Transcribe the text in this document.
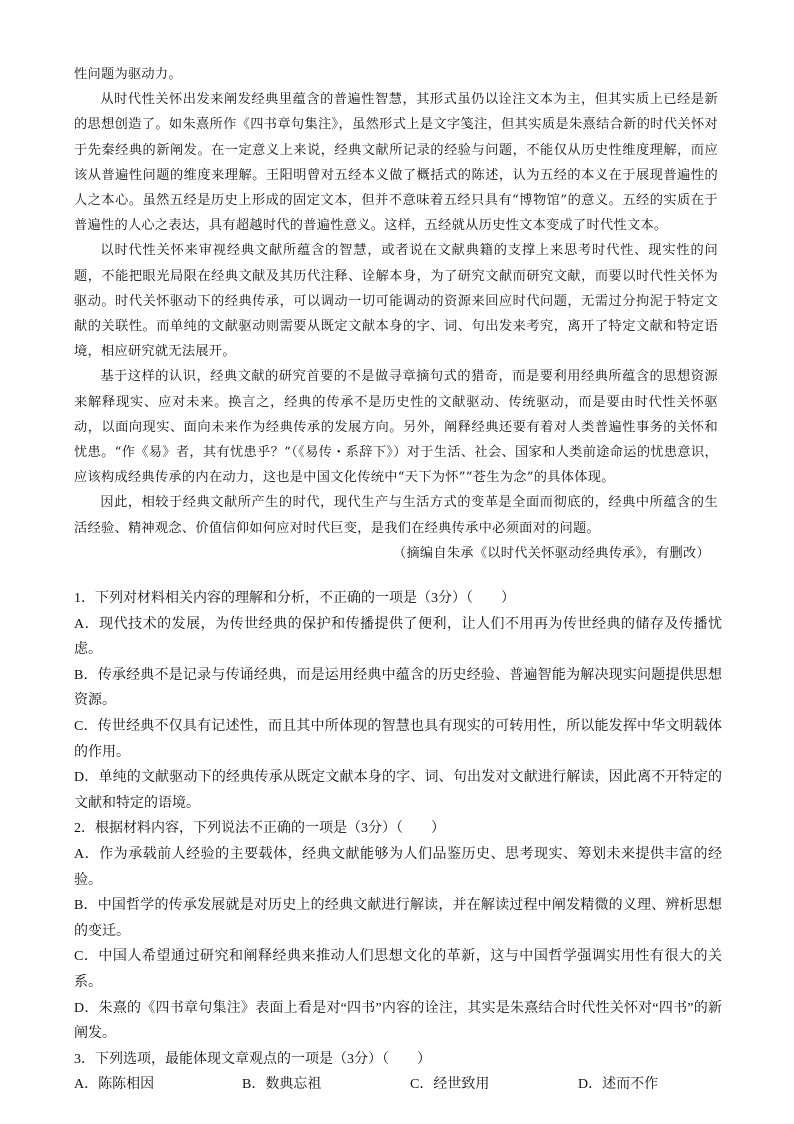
性问题为驱动力。

从时代性关怀出发来阐发经典里蕴含的普遍性智慧，其形式虽仍以诠注文本为主，但其实质上已经是新的思想创造了。如朱熹所作《四书章句集注》，虽然形式上是文字笺注，但其实质是朱熹结合新的时代关怀对于先秦经典的新阐发。在一定意义上来说，经典文献所记录的经验与问题，不能仅从历史性维度理解，而应该从普遍性问题的维度来理解。王阳明曾对五经本义做了概括式的陈述，认为五经的本义在于展现普遍性的人之本心。虽然五经是历史上形成的固定文本，但并不意味着五经只具有“博物馆”的意义。五经的实质在于普遍性的人心之表达，具有超越时代的普遍性意义。这样，五经就从历史性文本变成了时代性文本。

以时代性关怀来审视经典文献所蕴含的智慧，或者说在文献典籍的支撑上来思考时代性、现实性的问题，不能把眼光局限在经典文献及其历代注释、诠解本身，为了研究文献而研究文献，而要以时代性关怀为驱动。时代关怀驱动下的经典传承，可以调动一切可能调动的资源来回应时代问题，无需过分拘泥于特定文献的关联性。而单纯的文献驱动则需要从既定文献本身的字、词、句出发来考究，离开了特定文献和特定语境，相应研究就无法展开。

基于这样的认识，经典文献的研究首要的不是做寻章摘句式的猎奇，而是要利用经典所蕴含的思想资源来解释现实、应对未来。换言之，经典的传承不是历史性的文献驱动、传统驱动，而是要由时代性关怀驱动，以面向现实、面向未来作为经典传承的发展方向。另外，阐释经典还要有着对人类普遍性事务的关怀和忧患。“作《易》者，其有忧患乎？”（《易传・系辞下》）对于生活、社会、国家和人类前途命运的忧患意识，应该构成经典传承的内在动力，这也是中国文化传统中“天下为怀”“苍生为念”的具体体现。

因此，相较于经典文献所产生的时代，现代生产与生活方式的变革是全面而彻底的，经典中所蕴含的生活经验、精神观念、价值信仰如何应对时代巨变，是我们在经典传承中必须面对的问题。

（摘编自朱承《以时代关怀驱动经典传承》，有删改）

1．下列对材料相关内容的理解和分析，不正确的一项是（3分）（　　）

A．现代技术的发展，为传世经典的保护和传播提供了便利，让人们不用再为传世经典的储存及传播忧虑。

B．传承经典不是记录与传诵经典，而是运用经典中蕴含的历史经验、普遍智能为解决现实问题提供思想资源。

C．传世经典不仅具有记述性，而且其中所体现的智慧也具有现实的可转用性，所以能发挥中华文明载体的作用。

D．单纯的文献驱动下的经典传承从既定文献本身的字、词、句出发对文献进行解读，因此离不开特定的文献和特定的语境。

2．根据材料内容，下列说法不正确的一项是（3分）（　　）

A．作为承载前人经验的主要载体，经典文献能够为人们品鉴历史、思考现实、筹划未来提供丰富的经验。

B．中国哲学的传承发展就是对历史上的经典文献进行解读，并在解读过程中阐发精微的义理、辨析思想的变迁。

C．中国人希望通过研究和阐释经典来推动人们思想文化的革新，这与中国哲学强调实用性有很大的关系。

D．朱熹的《四书章句集注》表面上看是对“四书”内容的诠注，其实是朱熹结合时代性关怀对“四书”的新阐发。

3．下列选项，最能体现文章观点的一项是（3分）（　　）

A．陈陈相因	B．数典忘祖	C．经世致用	D．述而不作
